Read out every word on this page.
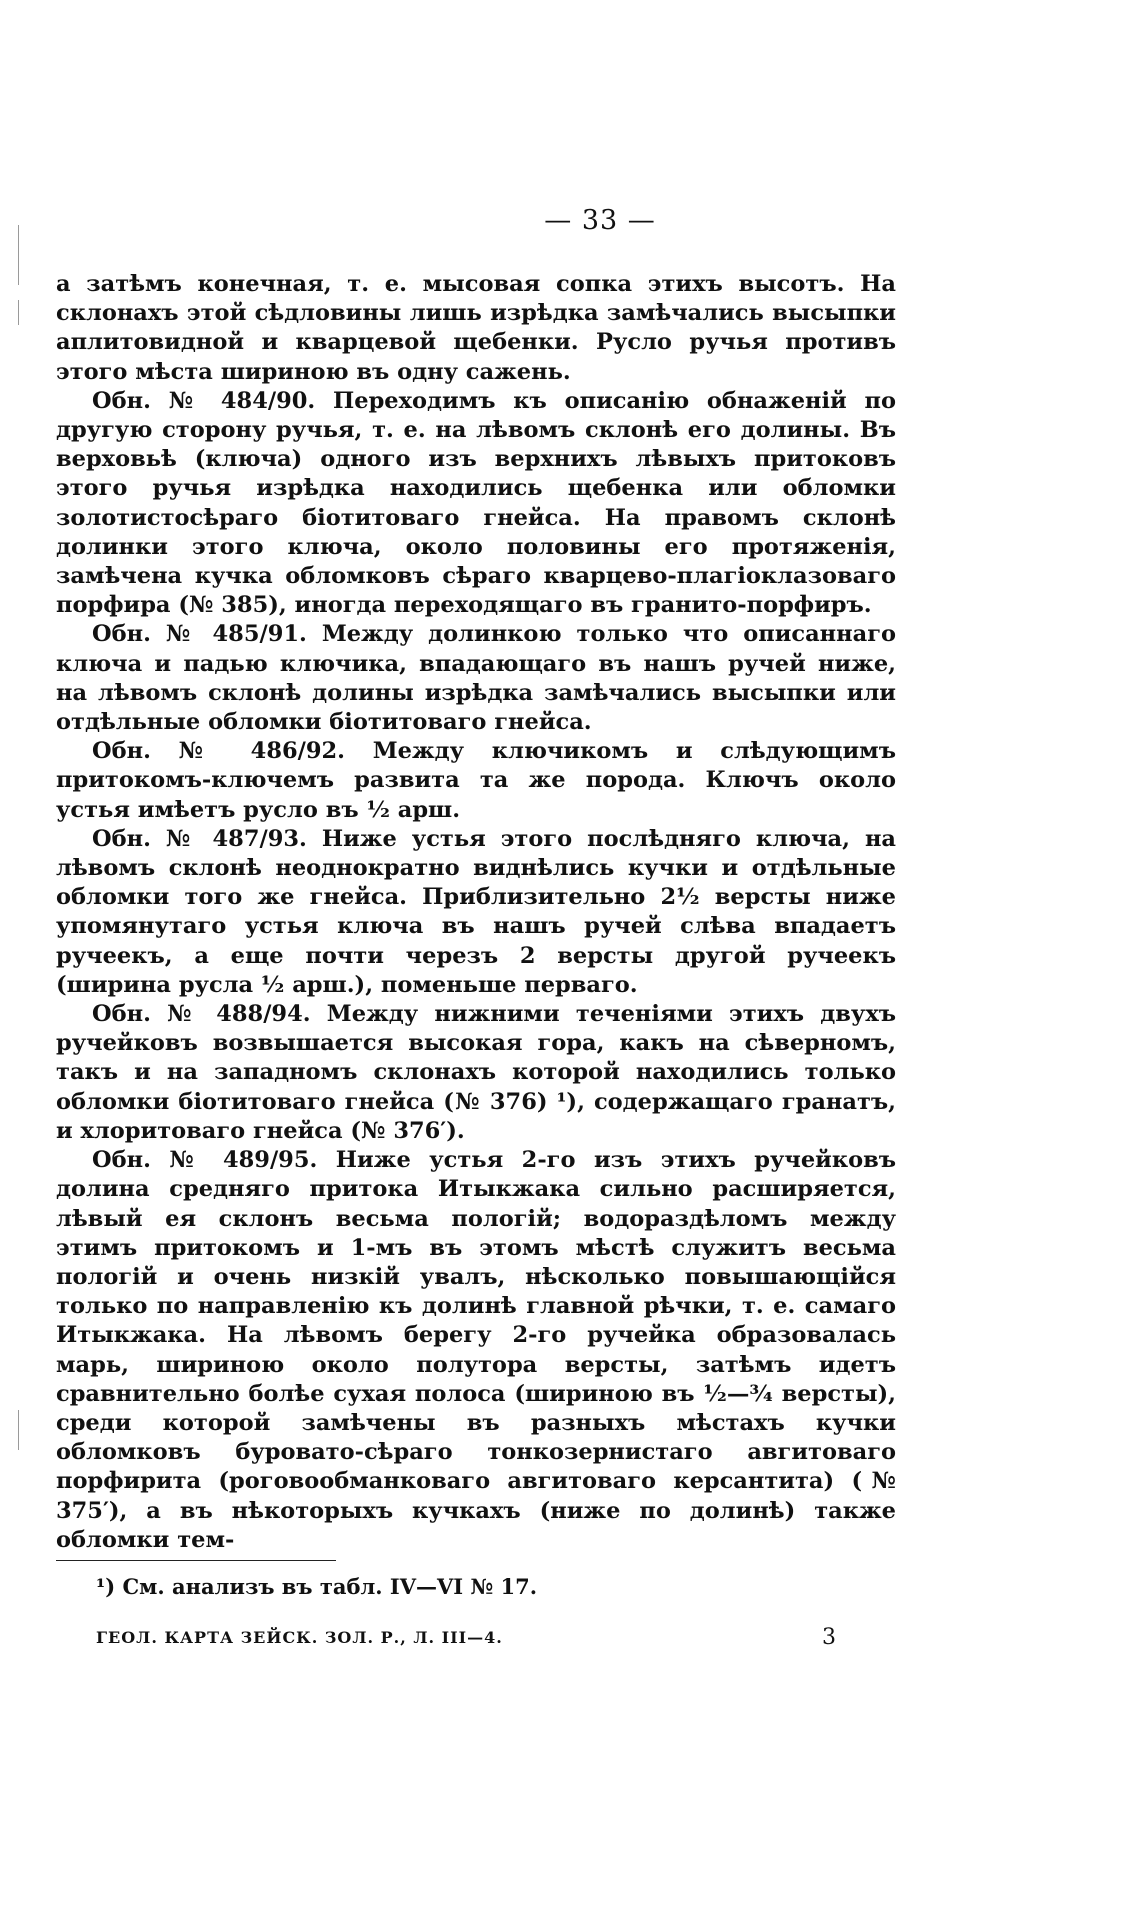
— 33 —

а затѣмъ конечная, т. е. мысовая сопка этихъ высотъ. На склонахъ этой сѣдловины лишь изрѣдка замѣчались высыпки аплитовидной и кварцевой щебенки. Русло ручья противъ этого мѣста шириною въ одну сажень.

Обн. № 484/90. Переходимъ къ описанію обнаженій по другую сторону ручья, т. е. на лѣвомъ склонѣ его долины. Въ верховьѣ (ключа) одного изъ верхнихъ лѣвыхъ притоковъ этого ручья изрѣдка находились щебенка или обломки золотистосѣраго біотитоваго гнейса. На правомъ склонѣ долинки этого ключа, около половины его протяженія, замѣчена кучка обломковъ сѣраго кварцево-плагіоклазоваго порфира (№ 385), иногда переходящаго въ гранито-порфиръ.

Обн. № 485/91. Между долинкою только что описаннаго ключа и падью ключика, впадающаго въ нашъ ручей ниже, на лѣвомъ склонѣ долины изрѣдка замѣчались высыпки или отдѣльные обломки біотитоваго гнейса.

Обн. № 486/92. Между ключикомъ и слѣдующимъ притокомъ-ключемъ развита та же порода. Ключъ около устья имѣетъ русло въ ½ арш.

Обн. № 487/93. Ниже устья этого послѣдняго ключа, на лѣвомъ склонѣ неоднократно виднѣлись кучки и отдѣльные обломки того же гнейса. Приблизительно 2½ версты ниже упомянутаго устья ключа въ нашъ ручей слѣва впадаетъ ручеекъ, а еще почти черезъ 2 версты другой ручеекъ (ширина русла ½ арш.), поменьше перваго.

Обн. № 488/94. Между нижними теченіями этихъ двухъ ручейковъ возвышается высокая гора, какъ на сѣверномъ, такъ и на западномъ склонахъ которой находились только обломки біотитоваго гнейса (№ 376) ¹), содержащаго гранатъ, и хлоритоваго гнейса (№ 376′).

Обн. № 489/95. Ниже устья 2-го изъ этихъ ручейковъ долина средняго притока Итыкжака сильно расширяется, лѣвый ея склонъ весьма пологій; водораздѣломъ между этимъ притокомъ и 1-мъ въ этомъ мѣстѣ служитъ весьма пологій и очень низкій увалъ, нѣсколько повышающійся только по направленію къ долинѣ главной рѣчки, т. е. самаго Итыкжака. На лѣвомъ берегу 2-го ручейка образовалась марь, шириною около полутора версты, затѣмъ идетъ сравнительно болѣе сухая полоса (шириною въ ½—¾ версты), среди которой замѣчены въ разныхъ мѣстахъ кучки обломковъ буровато-сѣраго тонкозернистаго авгитоваго порфирита (роговообманковаго авгитоваго керсантита) (№ 375′), а въ нѣкоторыхъ кучкахъ (ниже по долинѣ) также обломки тем-

¹) См. анализъ въ табл. IV—VI № 17.
ГЕОЛ. КАРТА ЗЕЙСК. ЗОЛ. Р., Л. III—4.	3
